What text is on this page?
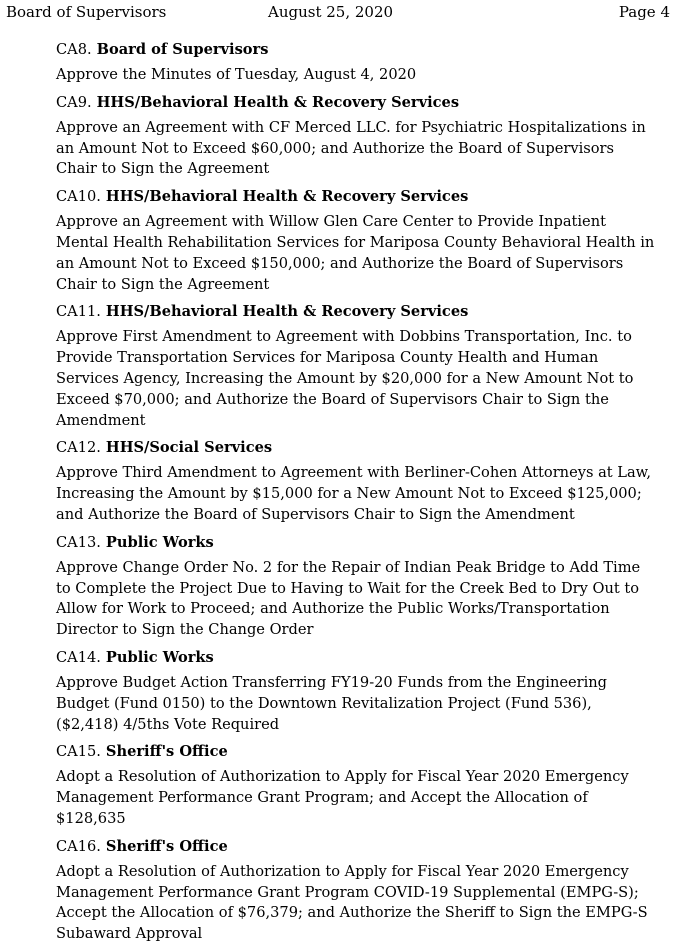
Board of Supervisors	August 25, 2020	Page 4
CA8. Board of Supervisors
Approve the Minutes of Tuesday, August 4, 2020
CA9. HHS/Behavioral Health & Recovery Services
Approve an Agreement with CF Merced LLC. for Psychiatric Hospitalizations in
an Amount Not to Exceed $60,000; and Authorize the Board of Supervisors
Chair to Sign the Agreement
CA10. HHS/Behavioral Health & Recovery Services
Approve an Agreement with Willow Glen Care Center to Provide Inpatient
Mental Health Rehabilitation Services for Mariposa County Behavioral Health in
an Amount Not to Exceed $150,000; and Authorize the Board of Supervisors
Chair to Sign the Agreement
CA11. HHS/Behavioral Health & Recovery Services
Approve First Amendment to Agreement with Dobbins Transportation, Inc. to
Provide Transportation Services for Mariposa County Health and Human
Services Agency, Increasing the Amount by $20,000 for a New Amount Not to
Exceed $70,000; and Authorize the Board of Supervisors Chair to Sign the
Amendment
CA12. HHS/Social Services
Approve Third Amendment to Agreement with Berliner-Cohen Attorneys at Law,
Increasing the Amount by $15,000 for a New Amount Not to Exceed $125,000;
and Authorize the Board of Supervisors Chair to Sign the Amendment
CA13. Public Works
Approve Change Order No. 2 for the Repair of Indian Peak Bridge to Add Time
to Complete the Project Due to Having to Wait for the Creek Bed to Dry Out to
Allow for Work to Proceed; and Authorize the Public Works/Transportation
Director to Sign the Change Order
CA14. Public Works
Approve Budget Action Transferring FY19-20 Funds from the Engineering
Budget (Fund 0150) to the Downtown Revitalization Project (Fund 536),
($2,418) 4/5ths Vote Required
CA15. Sheriff's Office
Adopt a Resolution of Authorization to Apply for Fiscal Year 2020 Emergency
Management Performance Grant Program; and Accept the Allocation of
$128,635
CA16. Sheriff's Office
Adopt a Resolution of Authorization to Apply for Fiscal Year 2020 Emergency
Management Performance Grant Program COVID-19 Supplemental (EMPG-S);
Accept the Allocation of $76,379; and Authorize the Sheriff to Sign the EMPG-S
Subaward Approval
